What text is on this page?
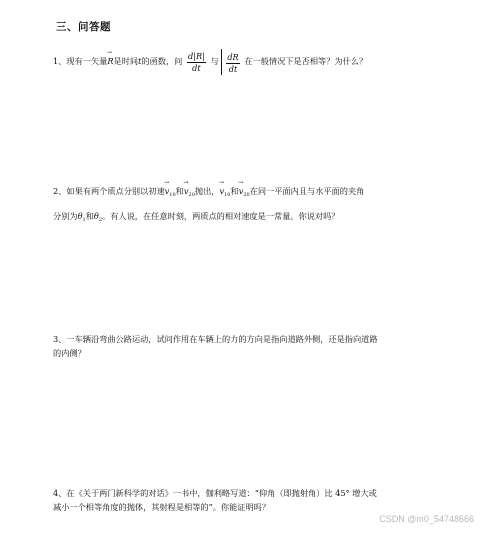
三、问答题
1、现有一矢量→ R是时间t的函数，问 $\frac{d|R|}{dt}$ 与 $\frac{dR}{dt}$ 在一般情况下是否相等？为什么？
2、如果有两个质点分别以初速→ $v_{10}$和→ $v_{20}$抛出，→ $v_{10}$和→ $v_{20}$在同一平面内且与水平面的夹角
分别为$\theta_1$和$\theta_2$。有人说，在任意时刻，两质点的相对速度是一常量。你说对吗？
3、一车辆沿弯曲公路运动，试问作用在车辆上的力的方向是指向道路外侧，还是指向道路
的内侧？
4、在《关于两门新科学的对话》一书中，伽利略写道：“仰角（即抛射角）比 45° 增大或
减小一个相等角度的抛体，其射程是相等的”。你能证明吗？
CSDN @m0_54748666
